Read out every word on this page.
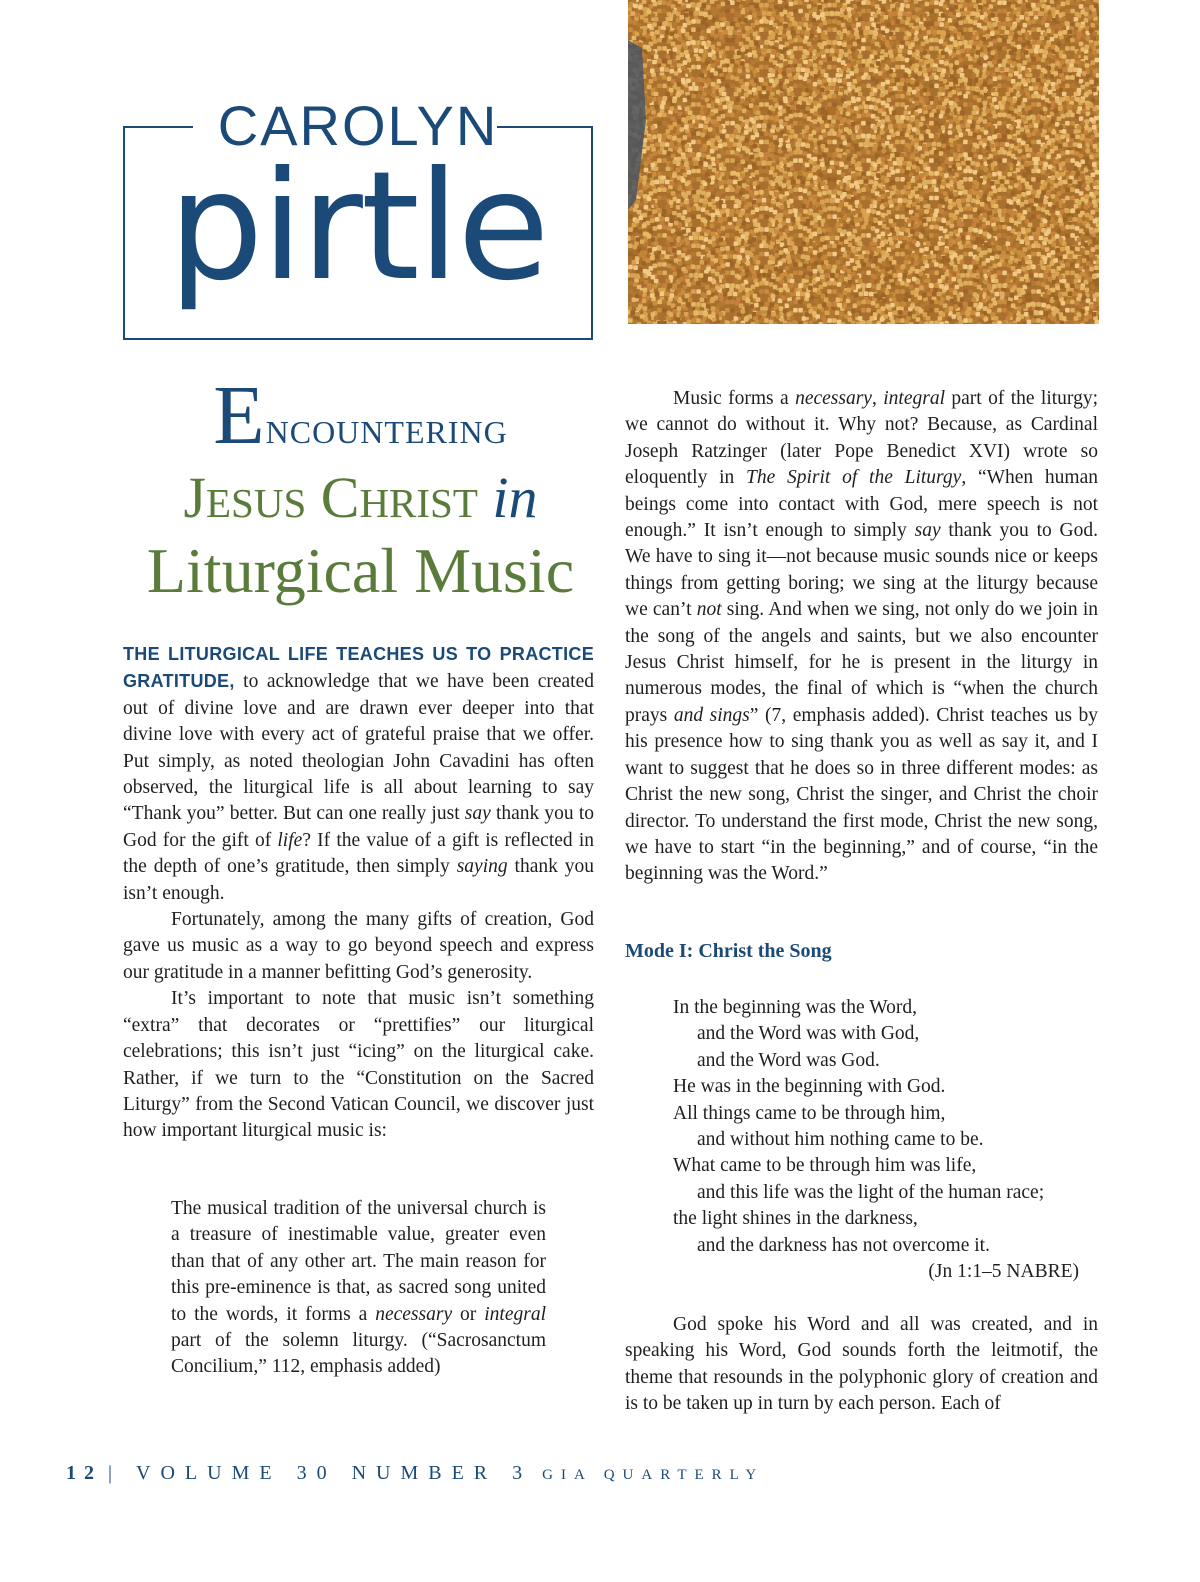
CAROLYN
pirtle
Encountering
Jesus Christ in
Liturgical Music

THE LITURGICAL LIFE TEACHES US TO PRACTICE GRATITUDE, to acknowledge that we have been created out of divine love and are drawn ever deeper into that divine love with every act of grateful praise that we offer. Put simply, as noted theologian John Cavadini has often observed, the liturgical life is all about learning to say “Thank you” better. But can one really just say thank you to God for the gift of life? If the value of a gift is reflected in the depth of one’s gratitude, then simply saying thank you isn’t enough.

Fortunately, among the many gifts of creation, God gave us music as a way to go beyond speech and express our gratitude in a manner befitting God’s generosity.

It’s important to note that music isn’t something “extra” that decorates or “prettifies” our liturgical celebrations; this isn’t just “icing” on the liturgical cake. Rather, if we turn to the “Constitution on the Sacred Liturgy” from the Second Vatican Council, we discover just how important liturgical music is:

The musical tradition of the universal church is a treasure of inestimable value, greater even than that of any other art. The main reason for this pre-eminence is that, as sacred song united to the words, it forms a necessary or integral part of the solemn liturgy. (“Sacrosanctum Concilium,” 112, emphasis added)

Music forms a necessary, integral part of the liturgy; we cannot do without it. Why not? Because, as Cardinal Joseph Ratzinger (later Pope Benedict XVI) wrote so eloquently in The Spirit of the Liturgy, “When human beings come into contact with God, mere speech is not enough.” It isn’t enough to simply say thank you to God. We have to sing it—not because music sounds nice or keeps things from getting boring; we sing at the liturgy because we can’t not sing. And when we sing, not only do we join in the song of the angels and saints, but we also encounter Jesus Christ himself, for he is present in the liturgy in numerous modes, the final of which is “when the church prays and sings” (7, emphasis added). Christ teaches us by his presence how to sing thank you as well as say it, and I want to suggest that he does so in three different modes: as Christ the new song, Christ the singer, and Christ the choir director. To understand the first mode, Christ the new song, we have to start “in the beginning,” and of course, “in the beginning was the Word.”

Mode I: Christ the Song
In the beginning was the Word,
and the Word was with God,
and the Word was God.
He was in the beginning with God.
All things came to be through him,
and without him nothing came to be.
What came to be through him was life,
and this life was the light of the human race;
the light shines in the darkness,
and the darkness has not overcome it.
(Jn 1:1–5 NABRE)

God spoke his Word and all was created, and in speaking his Word, God sounds forth the leitmotif, the theme that resounds in the polyphonic glory of creation and is to be taken up in turn by each person. Each of

12 | VOLUME 30 NUMBER 3 GIA QUARTERLY
